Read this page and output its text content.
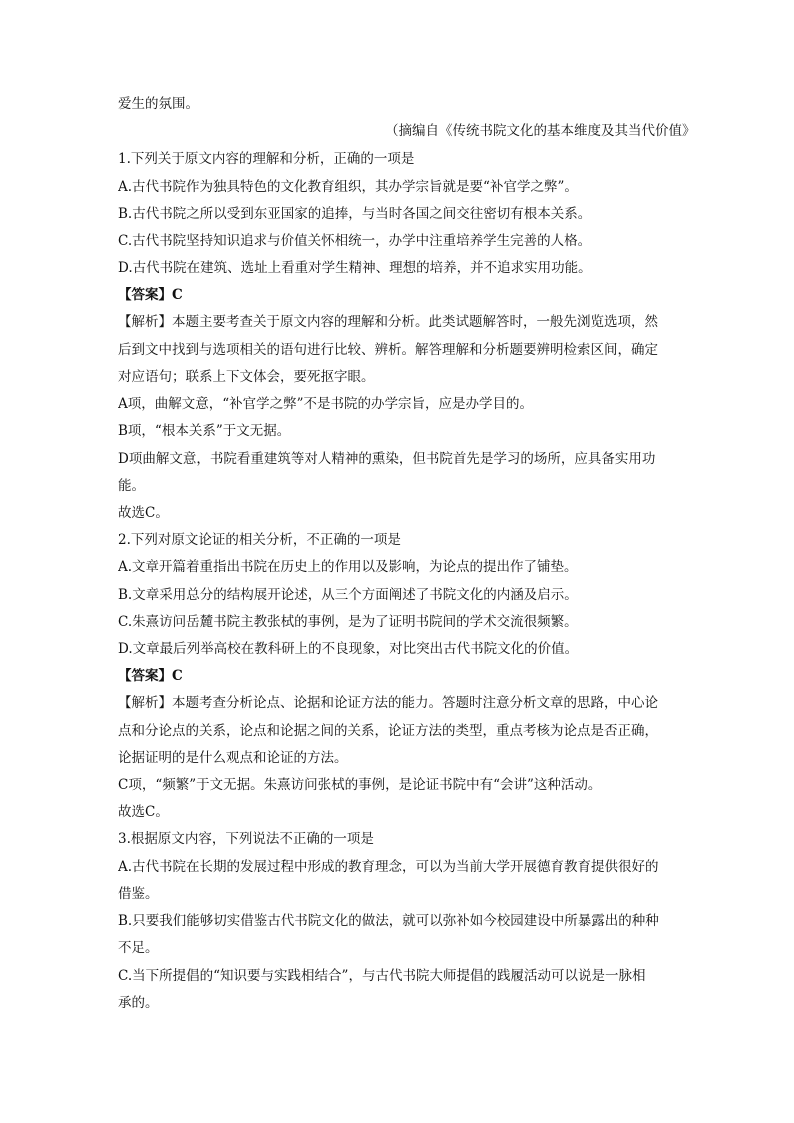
爱生的氛围。
（摘编自《传统书院文化的基本维度及其当代价值》
1.下列关于原文内容的理解和分析，正确的一项是
A.古代书院作为独具特色的文化教育组织，其办学宗旨就是要“补官学之弊”。
B.古代书院之所以受到东亚国家的追捧，与当时各国之间交往密切有根本关系。
C.古代书院坚持知识追求与价值关怀相统一，办学中注重培养学生完善的人格。
D.古代书院在建筑、选址上看重对学生精神、理想的培养，并不追求实用功能。
【答案】C
【解析】本题主要考查关于原文内容的理解和分析。此类试题解答时，一般先浏览选项，然
后到文中找到与选项相关的语句进行比较、辨析。解答理解和分析题要辨明检索区间，确定
对应语句；联系上下文体会，要死抠字眼。
A项，曲解文意，“补官学之弊”不是书院的办学宗旨，应是办学目的。
B项，“根本关系”于文无据。
D项曲解文意，书院看重建筑等对人精神的熏染，但书院首先是学习的场所，应具备实用功
能。
故选C。
2.下列对原文论证的相关分析，不正确的一项是
A.文章开篇着重指出书院在历史上的作用以及影响，为论点的提出作了铺垫。
B.文章采用总分的结构展开论述，从三个方面阐述了书院文化的内涵及启示。
C.朱熹访问岳麓书院主教张栻的事例，是为了证明书院间的学术交流很频繁。
D.文章最后列举高校在教科研上的不良现象，对比突出古代书院文化的价值。
【答案】C
【解析】本题考查分析论点、论据和论证方法的能力。答题时注意分析文章的思路，中心论
点和分论点的关系，论点和论据之间的关系，论证方法的类型，重点考核为论点是否正确，
论据证明的是什么观点和论证的方法。
C项，“频繁”于文无据。朱熹访问张栻的事例，是论证书院中有“会讲”这种活动。
故选C。
3.根据原文内容，下列说法不正确的一项是
A.古代书院在长期的发展过程中形成的教育理念，可以为当前大学开展德育教育提供很好的
借鉴。
B.只要我们能够切实借鉴古代书院文化的做法，就可以弥补如今校园建设中所暴露出的种种
不足。
C.当下所提倡的“知识要与实践相结合”，与古代书院大师提倡的践履活动可以说是一脉相
承的。
